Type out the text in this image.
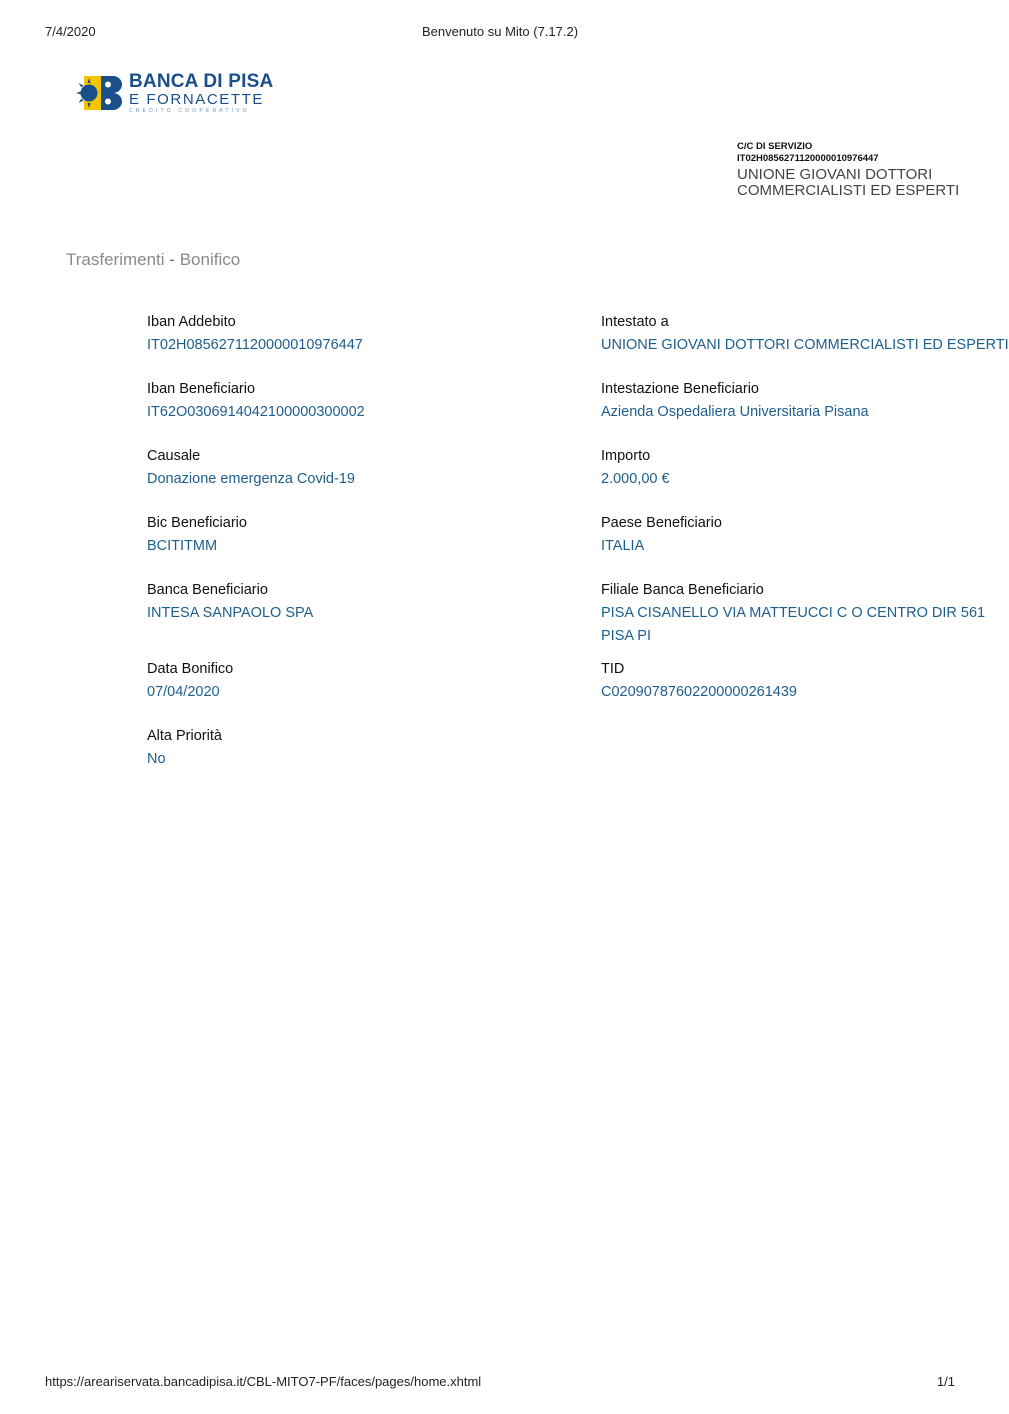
7/4/2020	Benvenuto su Mito (7.17.2)
BANCA DI PISA
E FORNACETTE
CREDITO COOPERATIVO
C/C DI SERVIZIO
IT02H0856271120000010976447
UNIONE GIOVANI DOTTORI COMMERCIALISTI ED ESPERTI
Trasferimenti - Bonifico
Iban Addebito
IT02H0856271120000010976447
Intestato a
UNIONE GIOVANI DOTTORI COMMERCIALISTI ED ESPERTI
Iban Beneficiario
IT62O0306914042100000300002
Intestazione Beneficiario
Azienda Ospedaliera Universitaria Pisana
Causale
Donazione emergenza Covid-19
Importo
2.000,00 €
Bic Beneficiario
BCITITMM
Paese Beneficiario
ITALIA
Banca Beneficiario
INTESA SANPAOLO SPA
Filiale Banca Beneficiario
PISA CISANELLO VIA MATTEUCCI C O CENTRO DIR 561
PISA PI
Data Bonifico
07/04/2020
TID
C02090787602200000261439
Alta Priorità
No
https://areariservata.bancadipisa.it/CBL-MITO7-PF/faces/pages/home.xhtml	1/1
